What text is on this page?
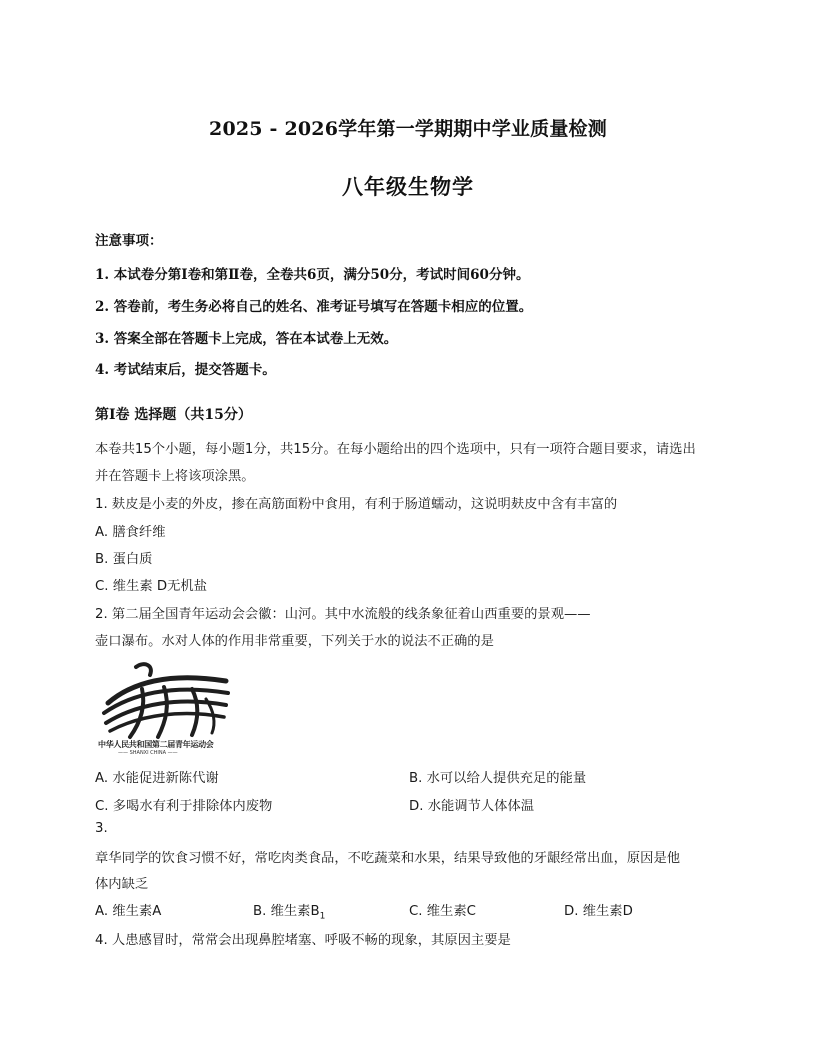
2025 - 2026学年第一学期期中学业质量检测
八年级生物学
注意事项：
1. 本试卷分第Ⅰ卷和第Ⅱ卷，全卷共6页，满分50分，考试时间60分钟。
2. 答卷前，考生务必将自己的姓名、准考证号填写在答题卡相应的位置。
3. 答案全部在答题卡上完成，答在本试卷上无效。
4. 考试结束后，提交答题卡。
第Ⅰ卷 选择题（共15分）
本卷共15个小题，每小题1分，共15分。在每小题给出的四个选项中，只有一项符合题目要求，请选出
并在答题卡上将该项涂黑。
1. 麸皮是小麦的外皮，掺在高筋面粉中食用，有利于肠道蠕动，这说明麸皮中含有丰富的
A. 膳食纤维
B. 蛋白质
C. 维生素 D无机盐
2. 第二届全国青年运动会会徽：山河。其中水流般的线条象征着山西重要的景观——
壶口瀑布。水对人体的作用非常重要，下列关于水的说法不正确的是
中华人民共和国第二届青年运动会
—— SHANXI CHINA ——
A. 水能促进新陈代谢	B. 水可以给人提供充足的能量
C. 多喝水有利于排除体内废物	D. 水能调节人体体温
3.
章华同学的饮食习惯不好，常吃肉类食品，不吃蔬菜和水果，结果导致他的牙龈经常出血，原因是他
体内缺乏
A. 维生素A	B. 维生素$B_1$	C. 维生素C	D. 维生素D
4. 人患感冒时，常常会出现鼻腔堵塞、呼吸不畅的现象，其原因主要是
